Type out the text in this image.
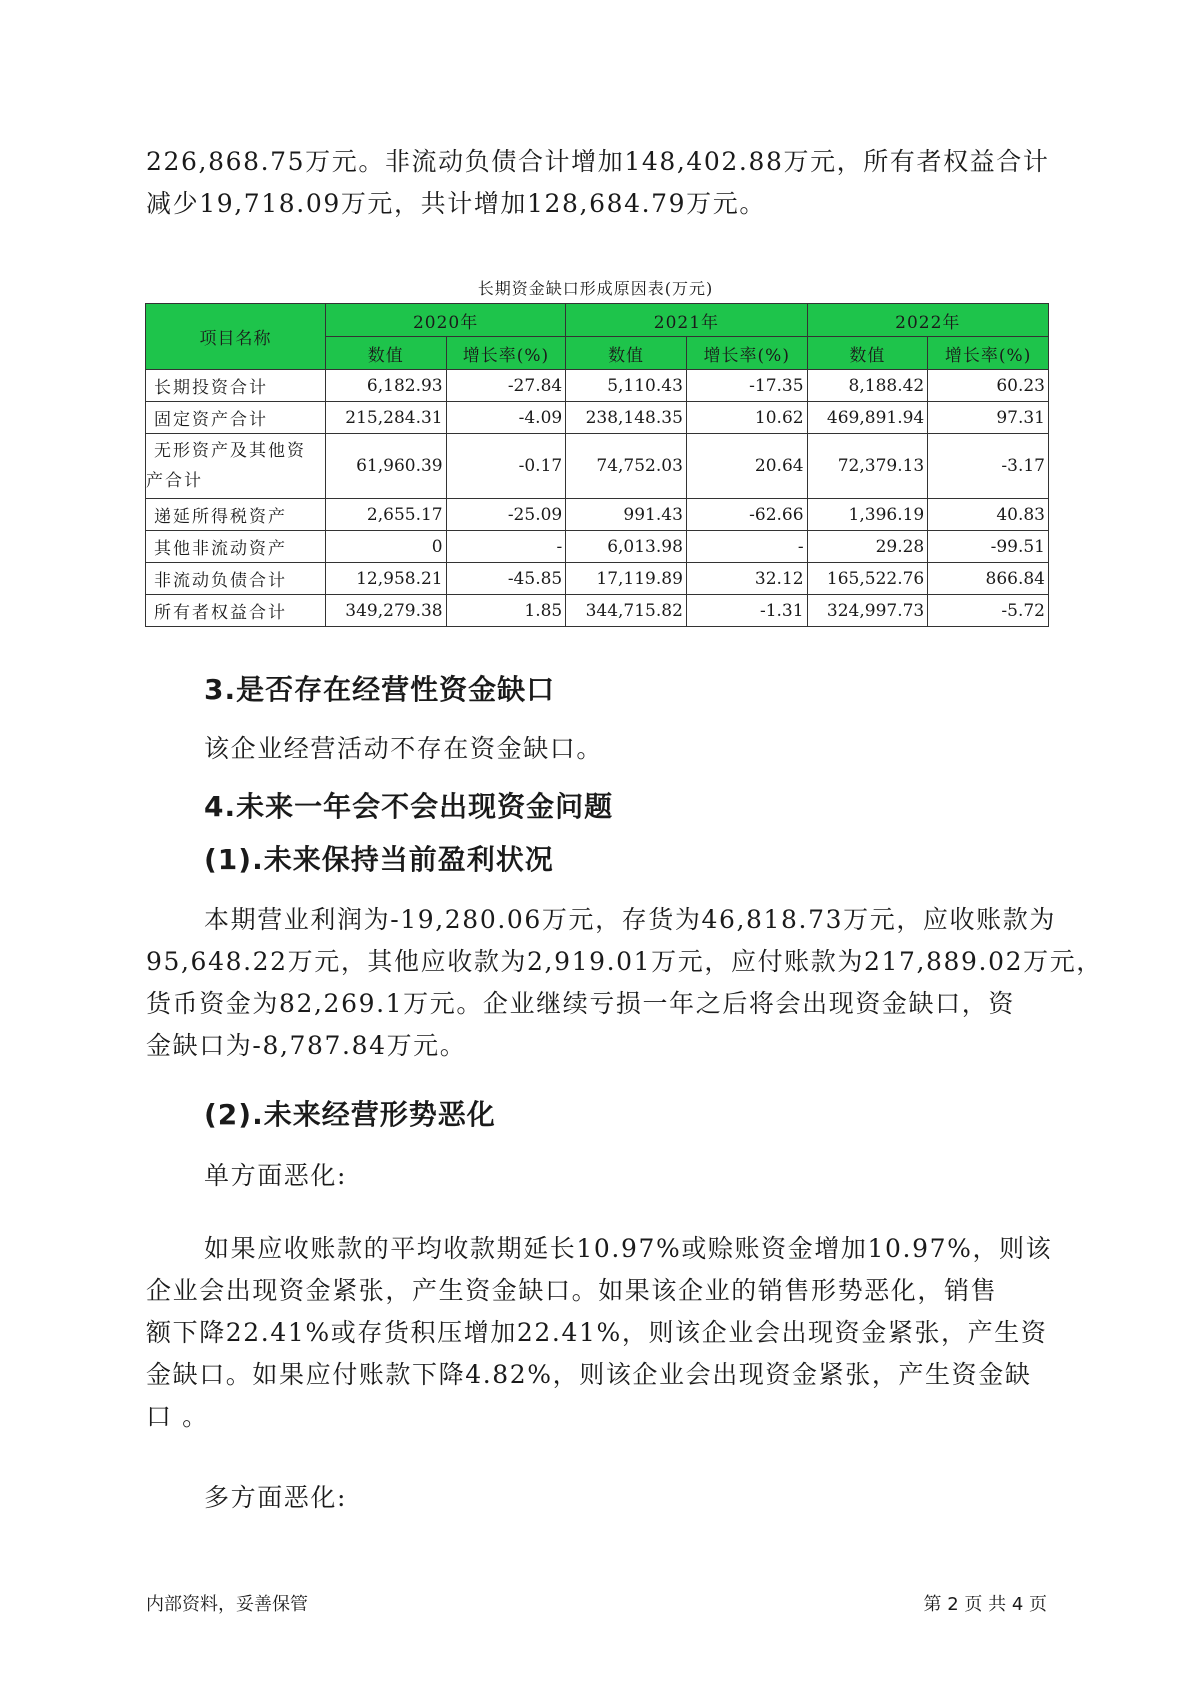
226,868.75万元。非流动负债合计增加148,402.88万元，所有者权益合计
减少19,718.09万元，共计增加128,684.79万元。
长期资金缺口形成原因表(万元)
项目名称	2020年		2021年		2022年	
	数值	增长率(%)	数值	增长率(%)	数值	增长率(%)
长期投资合计	6,182.93	-27.84	5,110.43	-17.35	8,188.42	60.23
固定资产合计	215,284.31	-4.09	238,148.35	10.62	469,891.94	97.31

无形资产及其他资
产合计	61,960.39	-0.17	74,752.03	20.64	72,379.13	-3.17
递延所得税资产	2,655.17	-25.09	991.43	-62.66	1,396.19	40.83
其他非流动资产	0	-	6,013.98	-	29.28	-99.51
非流动负债合计	12,958.21	-45.85	17,119.89	32.12	165,522.76	866.84
所有者权益合计	349,279.38	1.85	344,715.82	-1.31	324,997.73	-5.72
3.是否存在经营性资金缺口
该企业经营活动不存在资金缺口。
4.未来一年会不会出现资金问题
(1).未来保持当前盈利状况
本期营业利润为-19,280.06万元，存货为46,818.73万元，应收账款为
95,648.22万元，其他应收款为2,919.01万元，应付账款为217,889.02万元，
货币资金为82,269.1万元。企业继续亏损一年之后将会出现资金缺口，资
金缺口为-8,787.84万元。
(2).未来经营形势恶化
单方面恶化:
如果应收账款的平均收款期延长10.97%或赊账资金增加10.97%，则该
企业会出现资金紧张，产生资金缺口。如果该企业的销售形势恶化，销售
额下降22.41%或存货积压增加22.41%，则该企业会出现资金紧张，产生资
金缺口。如果应付账款下降4.82%，则该企业会出现资金紧张，产生资金缺
口 。
多方面恶化:
内部资料，妥善保管	第 2 页 共 4 页
